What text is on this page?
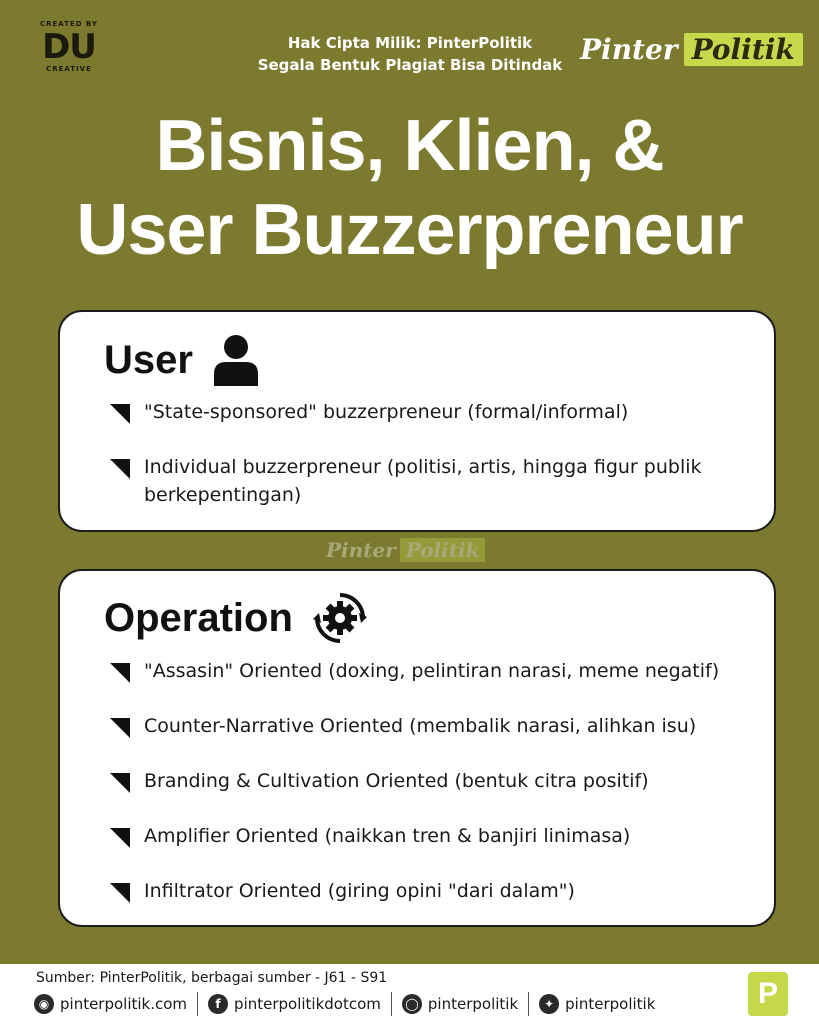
CREATED BY
DU
CREATIVE
Hak Cipta Milik: PinterPolitik
Segala Bentuk Plagiat Bisa Ditindak Pinter Politik
Bisnis, Klien, &
User Buzzerpreneur
User
"State-sponsored" buzzerpreneur (formal/informal)
Individual buzzerpreneur (politisi, artis, hingga figur publik berkepentingan)
Pinter Politik
Operation
"Assasin" Oriented (doxing, pelintiran narasi, meme negatif)
Counter-Narrative Oriented (membalik narasi, alihkan isu)
Branding & Cultivation Oriented (bentuk citra positif)
Amplifier Oriented (naikkan tren & banjiri linimasa)
Infiltrator Oriented (giring opini "dari dalam")
Sumber: PinterPolitik, berbagai sumber - J61 - S91
◉ pinterpolitik.com	f pinterpolitikdotcom ◯ pinterpolitik	✦ pinterpolitik	P
